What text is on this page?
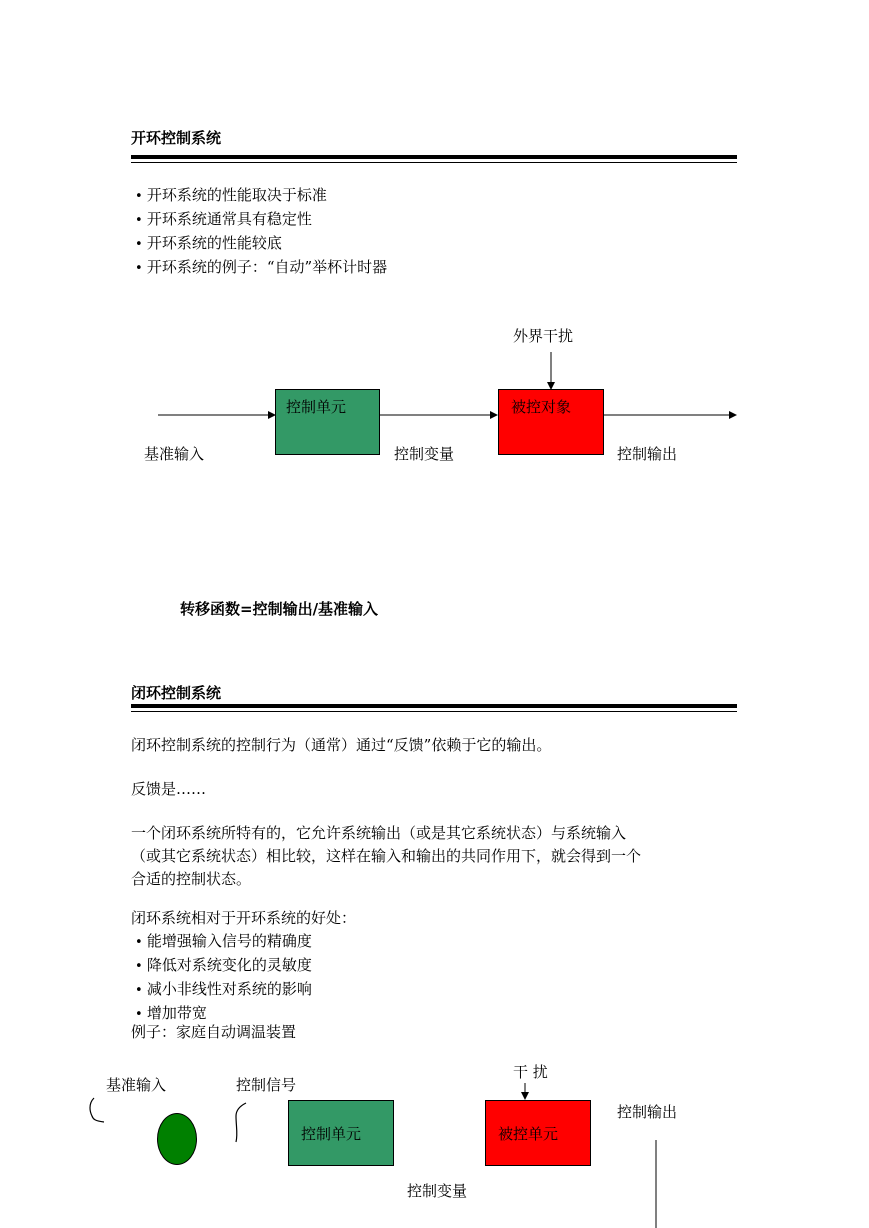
开环控制系统
• 开环系统的性能取决于标准
• 开环系统通常具有稳定性
• 开环系统的性能较底
• 开环系统的例子：“自动”举杯计时器
外界干扰
控制单元	被控对象
基准输入	控制变量	控制输出
转移函数=控制输出/基准输入
闭环控制系统
闭环控制系统的控制行为（通常）通过“反馈”依赖于它的输出。
反馈是……
一个闭环系统所特有的，它允许系统输出（或是其它系统状态）与系统输入
（或其它系统状态）相比较，这样在输入和输出的共同作用下，就会得到一个
合适的控制状态。
闭环系统相对于开环系统的好处：
• 能增强输入信号的精确度
• 降低对系统变化的灵敏度
• 减小非线性对系统的影响
• 增加带宽
例子：家庭自动调温装置
基准输入	控制信号
干 扰
控制输出
控制单元	被控单元
控制变量
